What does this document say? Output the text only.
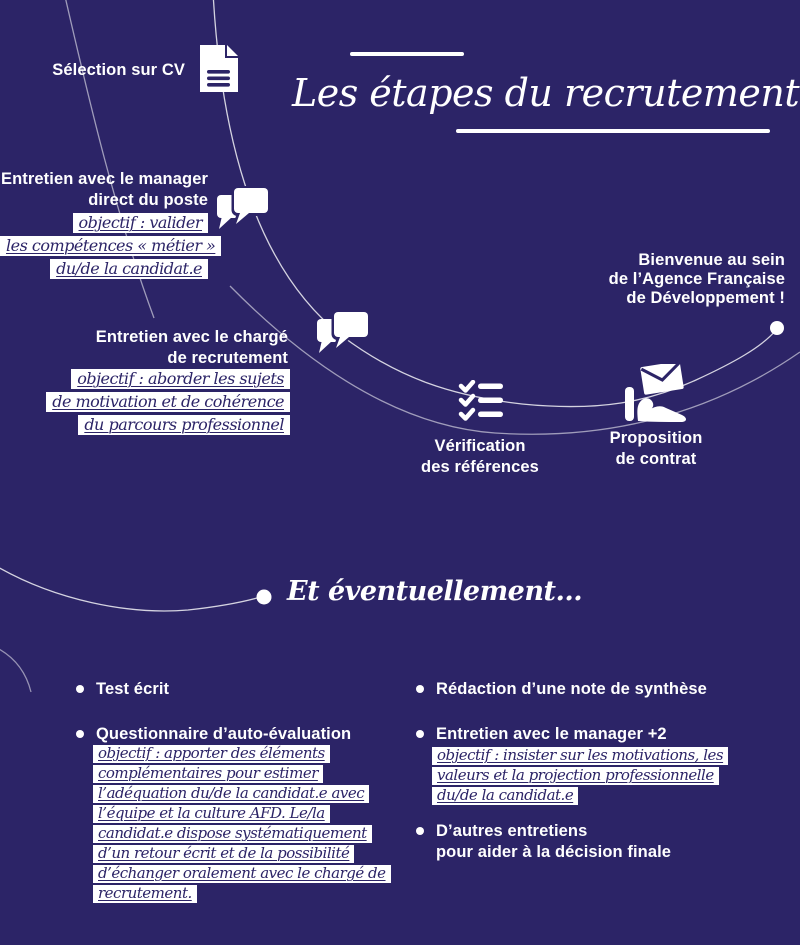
Les étapes du recrutement
Sélection sur CV
Entretien avec le manager
direct du poste
objectif : valider
les compétences « métier »
du/de la candidat.e
Entretien avec le chargé
de recrutement
objectif : aborder les sujets
de motivation et de cohérence
du parcours professionnel
Vérification
des références
Proposition
de contrat
Bienvenue au sein
de l’Agence Française
de Développement !
Et éventuellement...
Test écrit
Questionnaire d’auto-évaluation
objectif : apporter des éléments
complémentaires pour estimer
l’adéquation du/de la candidat.e avec
l’équipe et la culture AFD. Le/la
candidat.e dispose systématiquement
d’un retour écrit et de la possibilité
d’échanger oralement avec le chargé de
recrutement.
Rédaction d’une note de synthèse
Entretien avec le manager +2
objectif : insister sur les motivations, les
valeurs et la projection professionnelle
du/de la candidat.e
D’autres entretiens
pour aider à la décision finale
